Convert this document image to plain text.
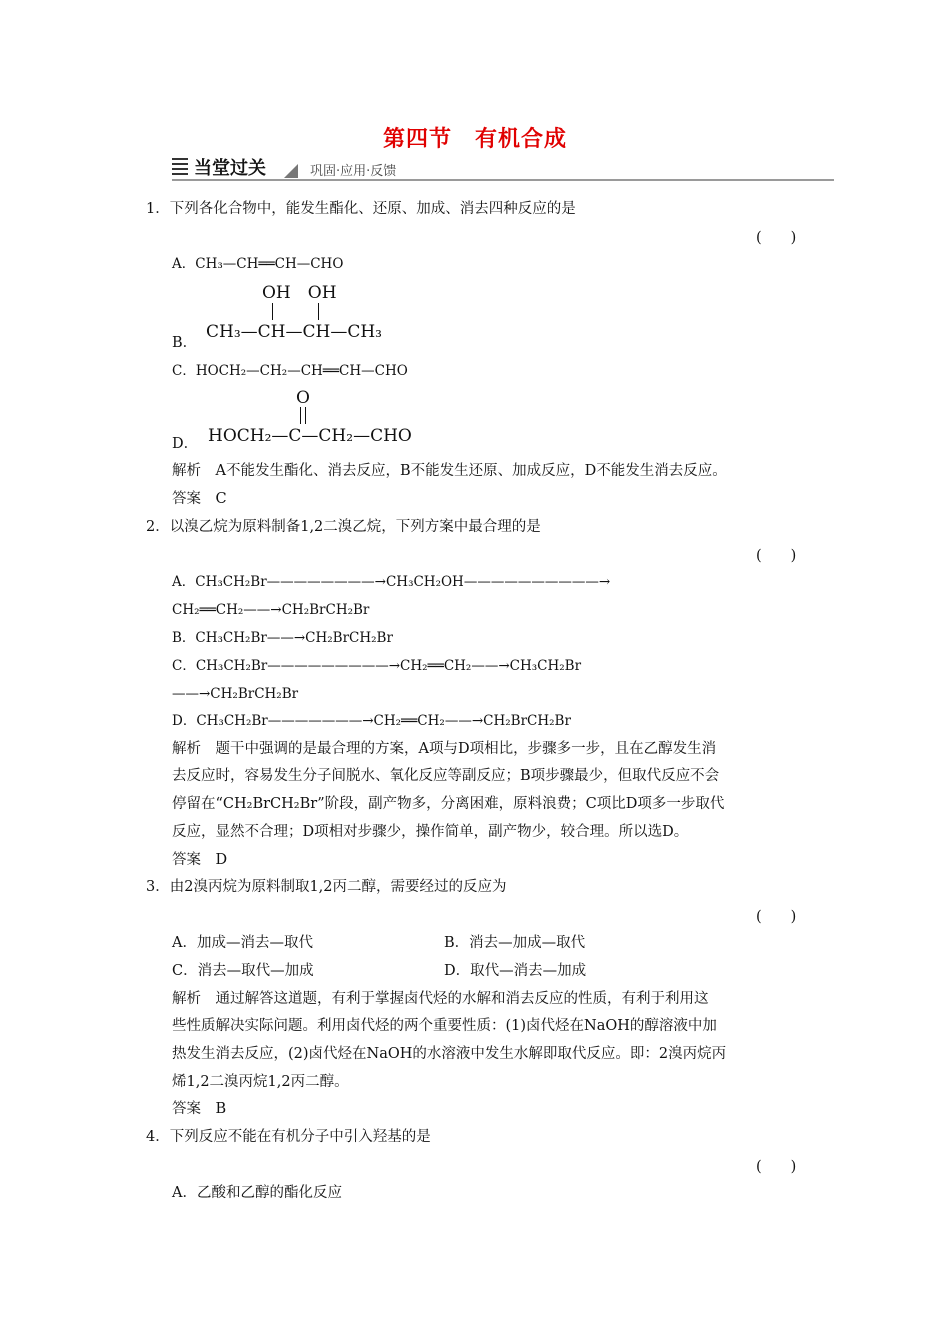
第四节　有机合成
当堂过关	巩固·应用·反馈
1．下列各化合物中，能发生酯化、还原、加成、消去四种反应的是
(　　)
A．CH₃—CH══CH—CHO
OH　OH
CH₃—CH—CH—CH₃
B．
C．HOCH₂—CH₂—CH══CH—CHO
O
HOCH₂—C—CH₂—CHO
D．
解析　A不能发生酯化、消去反应，B不能发生还原、加成反应，D不能发生消去反应。
答案　C
2．以溴乙烷为原料制备1,2二溴乙烷，下列方案中最合理的是
(　　)
A．CH₃CH₂Br————————→CH₃CH₂OH——————————→
CH₂══CH₂——→CH₂BrCH₂Br
B．CH₃CH₂Br——→CH₂BrCH₂Br
C．CH₃CH₂Br—————————→CH₂══CH₂——→CH₃CH₂Br
——→CH₂BrCH₂Br
D．CH₃CH₂Br———————→CH₂══CH₂——→CH₂BrCH₂Br
解析　题干中强调的是最合理的方案，A项与D项相比，步骤多一步，且在乙醇发生消
去反应时，容易发生分子间脱水、氧化反应等副反应；B项步骤最少，但取代反应不会
停留在“CH₂BrCH₂Br”阶段，副产物多，分离困难，原料浪费；C项比D项多一步取代
反应，显然不合理；D项相对步骤少，操作简单，副产物少，较合理。所以选D。
答案　D
3．由2溴丙烷为原料制取1,2丙二醇，需要经过的反应为
(　　)
A．加成—消去—取代	B．消去—加成—取代
C．消去—取代—加成	D．取代—消去—加成
解析　通过解答这道题，有利于掌握卤代烃的水解和消去反应的性质，有利于利用这
些性质解决实际问题。利用卤代烃的两个重要性质：(1)卤代烃在NaOH的醇溶液中加
热发生消去反应，(2)卤代烃在NaOH的水溶液中发生水解即取代反应。即：2溴丙烷丙
烯1,2二溴丙烷1,2丙二醇。
答案　B
4．下列反应不能在有机分子中引入羟基的是
(　　)
A．乙酸和乙醇的酯化反应
